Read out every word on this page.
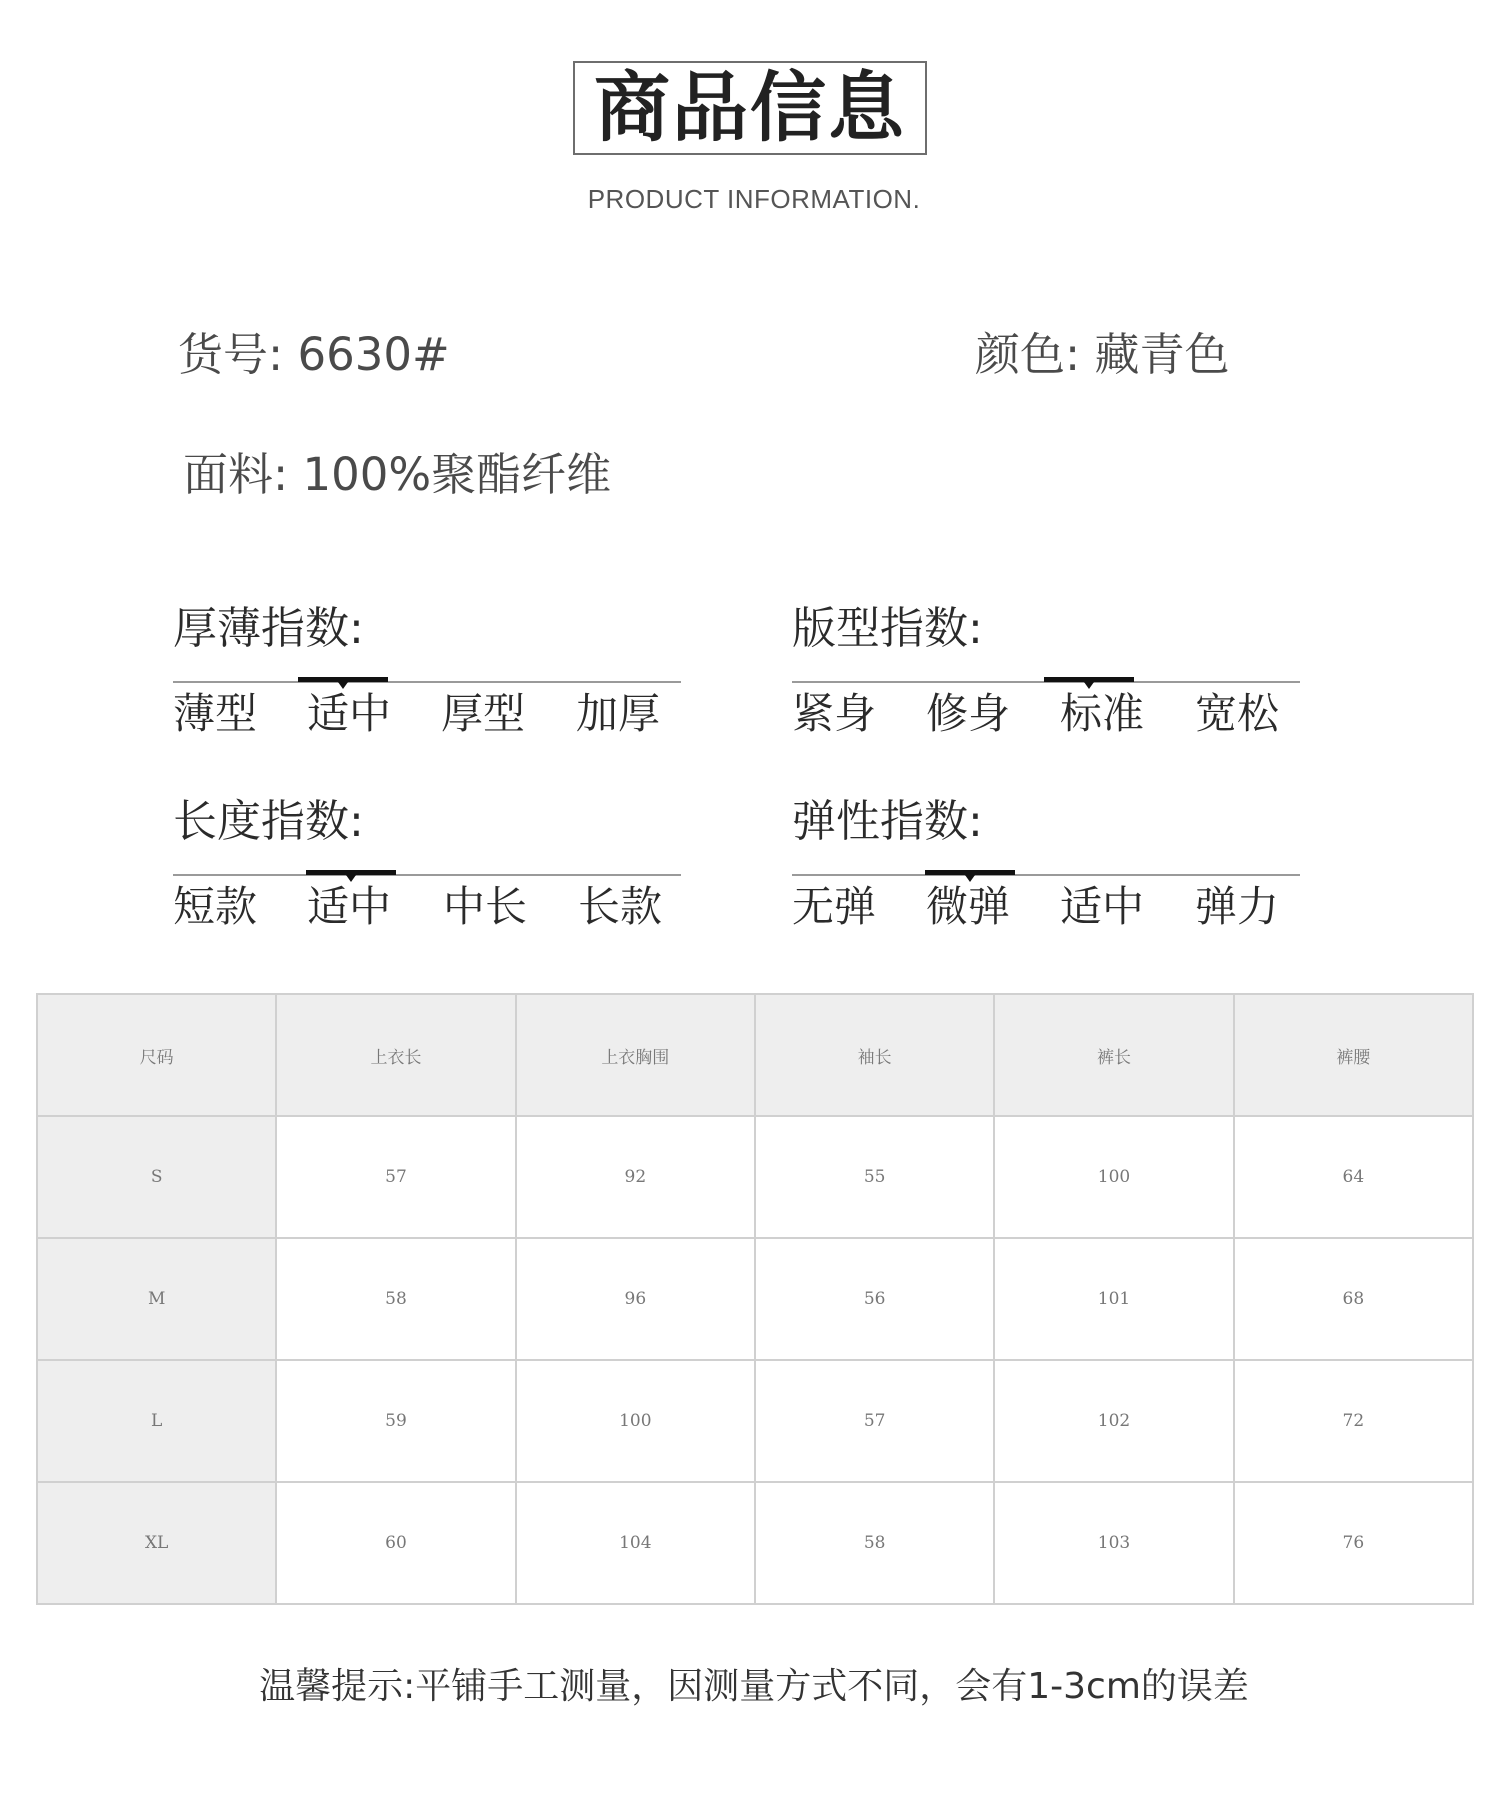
商品信息
PRODUCT INFORMATION.
货号: 6630#	颜色: 藏青色
面料: 100%聚酯纤维
厚薄指数:
薄型 适中 厚型 加厚
版型指数:
紧身 修身 标准 宽松
长度指数:
短款 适中 中长 长款
弹性指数:
无弹 微弹 适中 弹力
尺码	上衣长	上衣胸围	袖长	裤长	裤腰
S	57	92	55	100	64
M	58	96	56	101	68
L	59	100	57	102	72
XL	60	104	58	103	76
温馨提示:平铺手工测量，因测量方式不同，会有1-3cm的误差
